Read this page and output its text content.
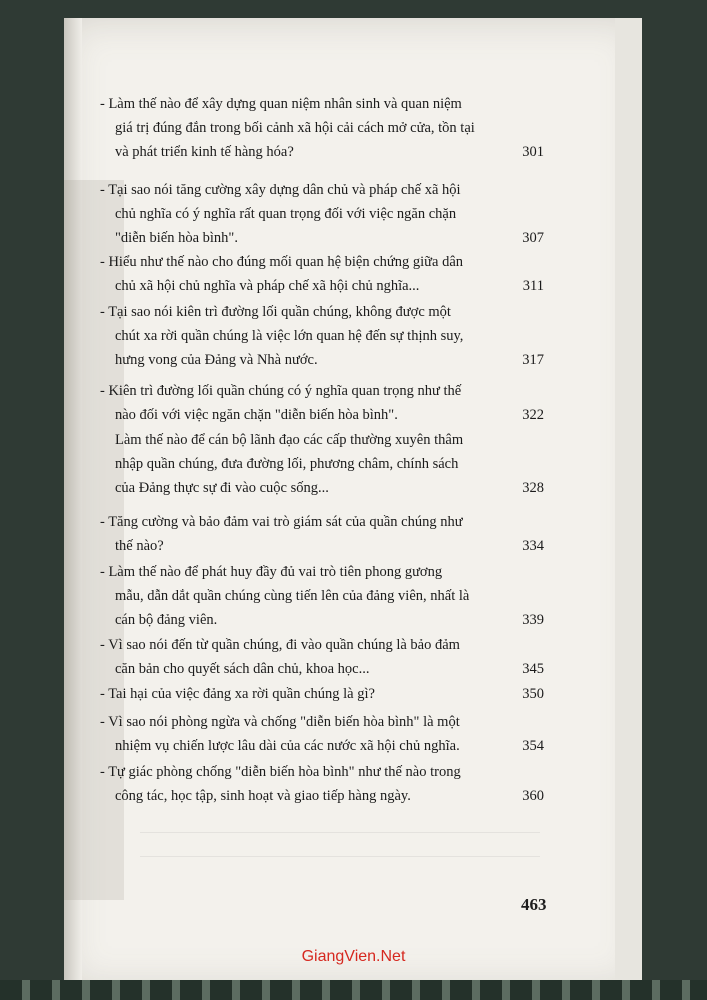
- Làm thế nào để xây dựng quan niệm nhân sinh và quan niệm
giá trị đúng đắn trong bối cảnh xã hội cải cách mở cửa, tồn tại
và phát triển kinh tế hàng hóa?	301
- Tại sao nói tăng cường xây dựng dân chủ và pháp chế xã hội
chủ nghĩa có ý nghĩa rất quan trọng đối với việc ngăn chặn
"diễn biến hòa bình".	307
- Hiểu như thế nào cho đúng mối quan hệ biện chứng giữa dân
chủ xã hội chủ nghĩa và pháp chế xã hội chủ nghĩa...	311
- Tại sao nói kiên trì đường lối quần chúng, không được một
chút xa rời quần chúng là việc lớn quan hệ đến sự thịnh suy,
hưng vong của Đảng và Nhà nước.	317
- Kiên trì đường lối quần chúng có ý nghĩa quan trọng như thế
nào đối với việc ngăn chặn "diễn biến hòa bình".	322
Làm thế nào để cán bộ lãnh đạo các cấp thường xuyên thâm
nhập quần chúng, đưa đường lối, phương châm, chính sách
của Đảng thực sự đi vào cuộc sống...	328
- Tăng cường và bảo đảm vai trò giám sát của quần chúng như
thế nào?	334
- Làm thế nào để phát huy đầy đủ vai trò tiên phong gương
mẫu, dẫn dắt quần chúng cùng tiến lên của đảng viên, nhất là
cán bộ đảng viên.	339
- Vì sao nói đến từ quần chúng, đi vào quần chúng là bảo đảm
căn bản cho quyết sách dân chủ, khoa học...	345
- Tai hại của việc đảng xa rời quần chúng là gì?	350
- Vì sao nói phòng ngừa và chống "diễn biến hòa bình" là một
nhiệm vụ chiến lược lâu dài của các nước xã hội chủ nghĩa.	354
- Tự giác phòng chống "diễn biến hòa bình" như thế nào trong
công tác, học tập, sinh hoạt và giao tiếp hàng ngày.	360
463
GiangVien.Net
